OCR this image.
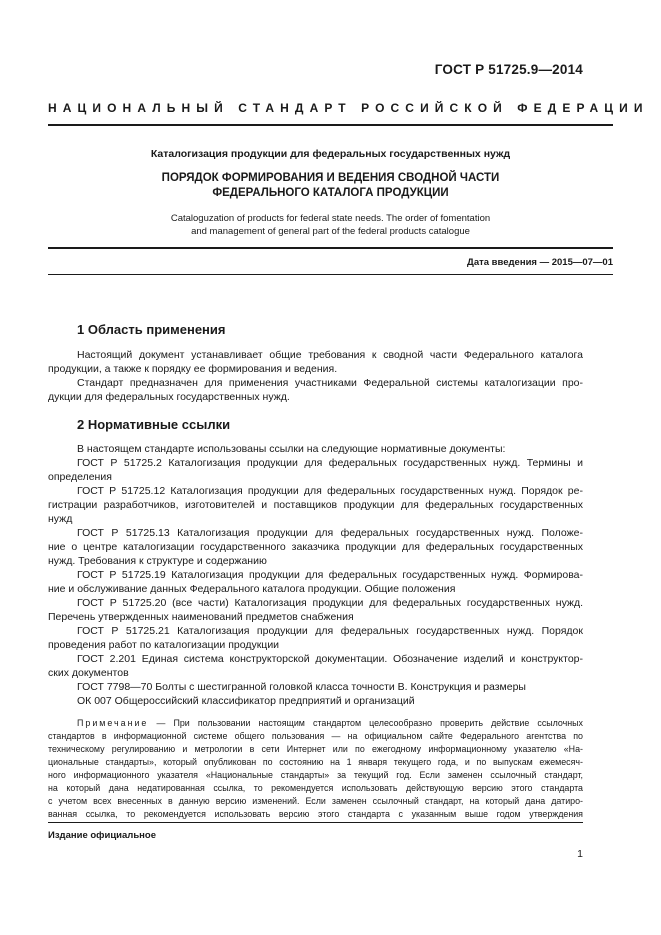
ГОСТ Р 51725.9—2014
НАЦИОНАЛЬНЫЙ СТАНДАРТ РОССИЙСКОЙ ФЕДЕРАЦИИ
Каталогизация продукции для федеральных государственных нужд
ПОРЯДОК ФОРМИРОВАНИЯ И ВЕДЕНИЯ СВОДНОЙ ЧАСТИ
ФЕДЕРАЛЬНОГО КАТАЛОГА ПРОДУКЦИИ
Cataloguzation of products for federal state needs. The order of fomentation
and management of general part of the federal products catalogue
Дата введения — 2015—07—01
1 Область применения
Настоящий документ устанавливает общие требования к сводной части Федерального каталога
продукции, а также к порядку ее формирования и ведения.
Стандарт предназначен для применения участниками Федеральной системы каталогизации про-
дукции для федеральных государственных нужд.
2 Нормативные ссылки
В настоящем стандарте использованы ссылки на следующие нормативные документы:
ГОСТ Р 51725.2 Каталогизация продукции для федеральных государственных нужд. Термины и
определения
ГОСТ Р 51725.12 Каталогизация продукции для федеральных государственных нужд. Порядок ре-
гистрации разработчиков, изготовителей и поставщиков продукции для федеральных государственных
нужд
ГОСТ Р 51725.13 Каталогизация продукции для федеральных государственных нужд. Положе-
ние о центре каталогизации государственного заказчика продукции для федеральных государственных
нужд. Требования к структуре и содержанию
ГОСТ Р 51725.19 Каталогизация продукции для федеральных государственных нужд. Формирова-
ние и обслуживание данных Федерального каталога продукции. Общие положения
ГОСТ Р 51725.20 (все части) Каталогизация продукции для федеральных государственных нужд.
Перечень утвержденных наименований предметов снабжения
ГОСТ Р 51725.21 Каталогизация продукции для федеральных государственных нужд. Порядок
проведения работ по каталогизации продукции
ГОСТ 2.201 Единая система конструкторской документации. Обозначение изделий и конструктор-
ских документов
ГОСТ 7798—70 Болты с шестигранной головкой класса точности В. Конструкция и размеры
ОК 007 Общероссийский классификатор предприятий и организаций
Примечание — При пользовании настоящим стандартом целесообразно проверить действие ссылочных
стандартов в информационной системе общего пользования — на официальном сайте Федерального агентства по
техническому регулированию и метрологии в сети Интернет или по ежегодному информационному указателю «На-
циональные стандарты», который опубликован по состоянию на 1 января текущего года, и по выпускам ежемесяч-
ного информационного указателя «Национальные стандарты» за текущий год. Если заменен ссылочный стандарт,
на который дана недатированная ссылка, то рекомендуется использовать действующую версию этого стандарта
с учетом всех внесенных в данную версию изменений. Если заменен ссылочный стандарт, на который дана датиро-
ванная ссылка, то рекомендуется использовать версию этого стандарта с указанным выше годом утверждения
Издание официальное
1
